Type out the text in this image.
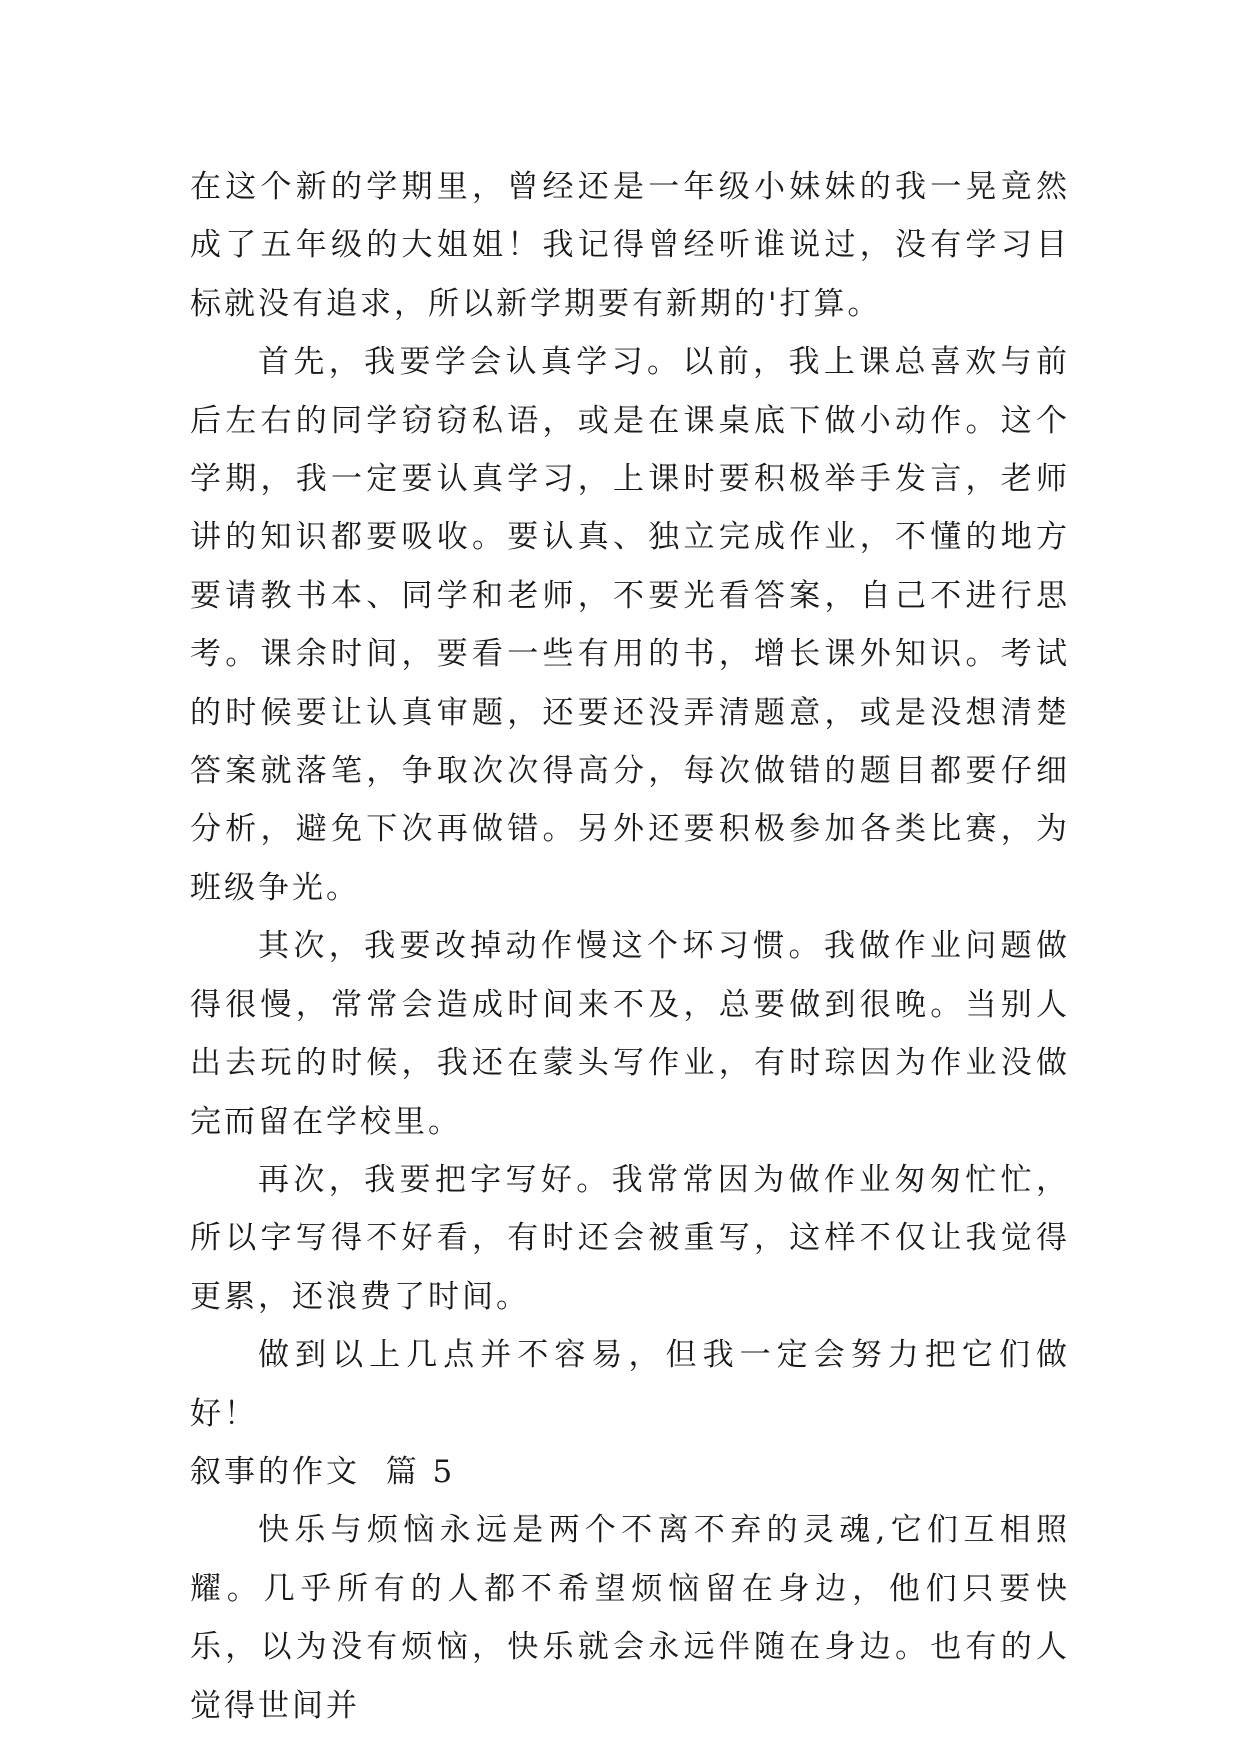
在这个新的学期里，曾经还是一年级小妹妹的我一晃竟然成了五年级的大姐姐！我记得曾经听谁说过，没有学习目标就没有追求，所以新学期要有新期的'打算。

首先，我要学会认真学习。以前，我上课总喜欢与前后左右的同学窃窃私语，或是在课桌底下做小动作。这个学期，我一定要认真学习，上课时要积极举手发言，老师讲的知识都要吸收。要认真、独立完成作业，不懂的地方要请教书本、同学和老师，不要光看答案，自己不进行思考。课余时间，要看一些有用的书，增长课外知识。考试的时候要让认真审题，还要还没弄清题意，或是没想清楚答案就落笔，争取次次得高分，每次做错的题目都要仔细分析，避免下次再做错。另外还要积极参加各类比赛，为班级争光。

其次，我要改掉动作慢这个坏习惯。我做作业问题做得很慢，常常会造成时间来不及，总要做到很晚。当别人出去玩的时候，我还在蒙头写作业，有时琮因为作业没做完而留在学校里。

再次，我要把字写好。我常常因为做作业匆匆忙忙，所以字写得不好看，有时还会被重写，这样不仅让我觉得更累，还浪费了时间。

做到以上几点并不容易，但我一定会努力把它们做好！

叙事的作文  篇 5

快乐与烦恼永远是两个不离不弃的灵魂,它们互相照耀。几乎所有的人都不希望烦恼留在身边，他们只要快乐，以为没有烦恼，快乐就会永远伴随在身边。也有的人觉得世间并
